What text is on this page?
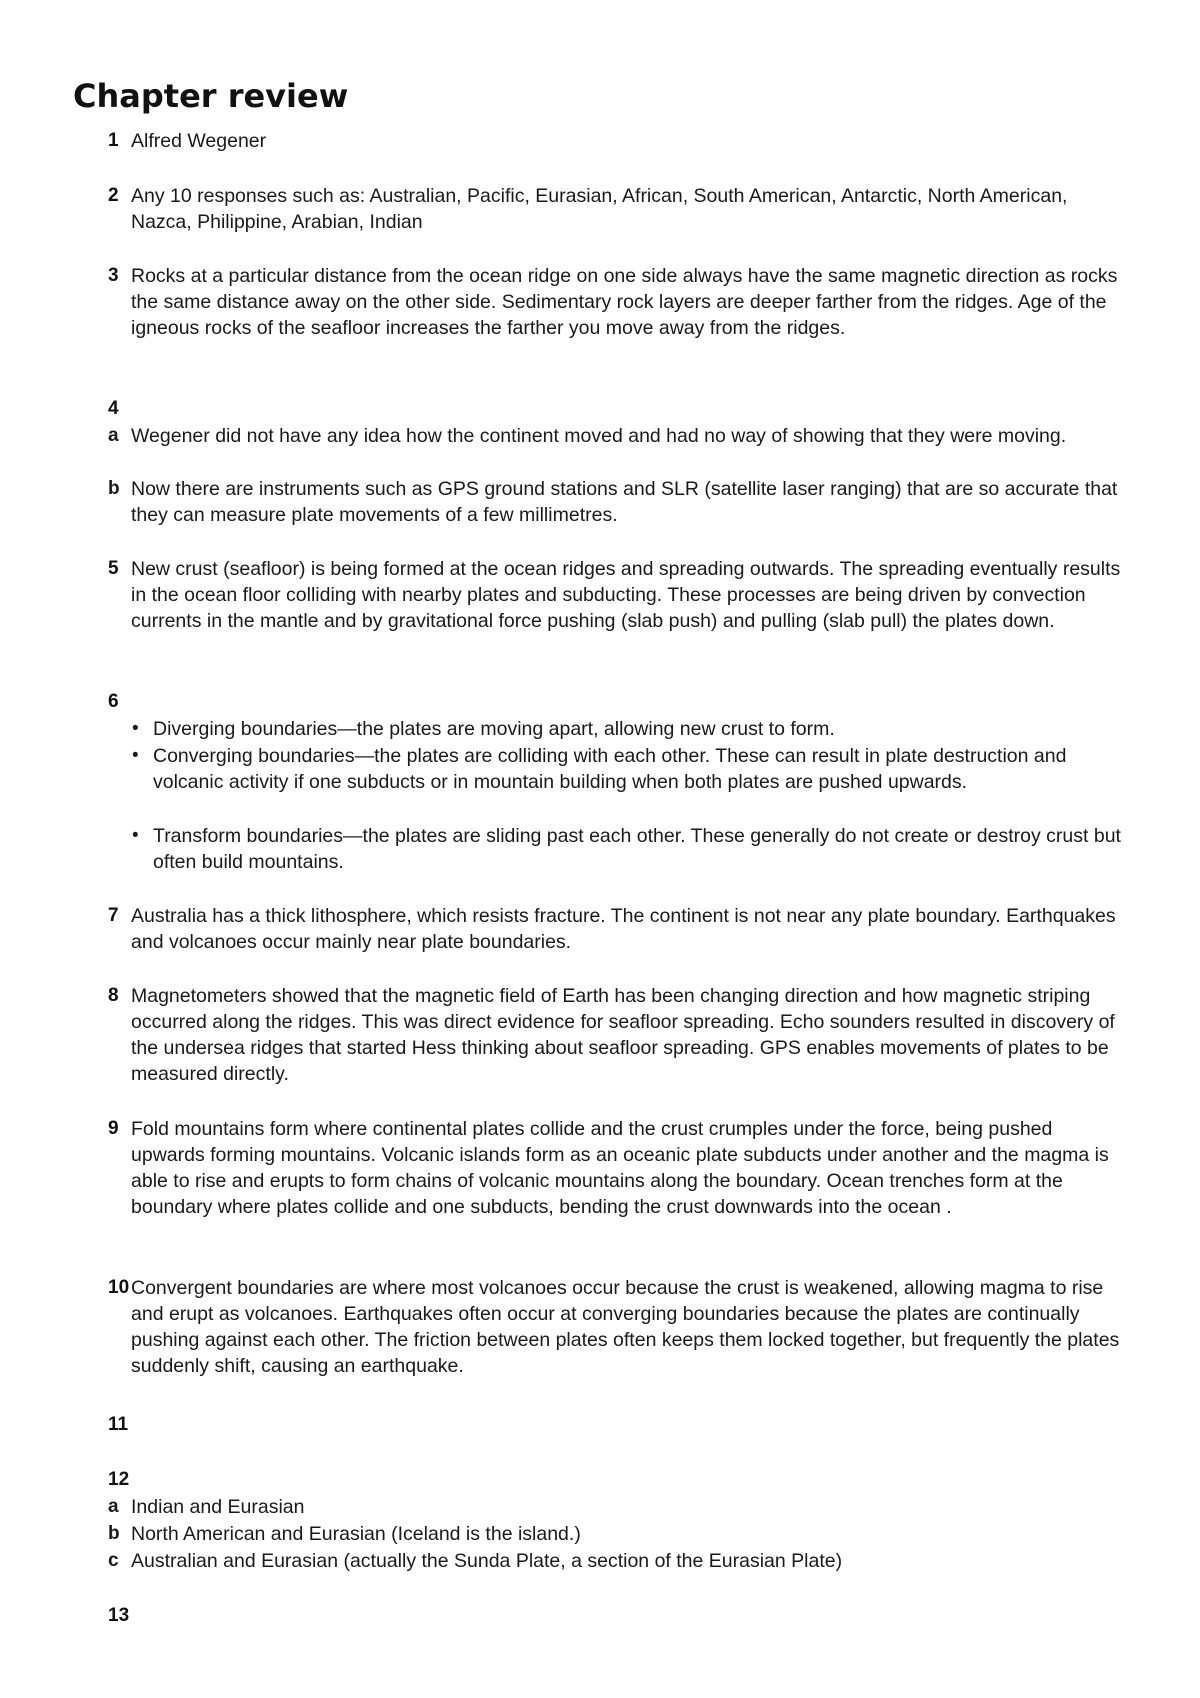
Chapter review
1 Alfred Wegener

2 Any 10 responses such as: Australian, Pacific, Eurasian, African, South American, Antarctic, North American, Nazca, Philippine, Arabian, Indian

3 Rocks at a particular distance from the ocean ridge on one side always have the same magnetic direction as rocks the same distance away on the other side. Sedimentary rock layers are deeper farther from the ridges. Age of the igneous rocks of the seafloor increases the farther you move away from the ridges.

4
a Wegener did not have any idea how the continent moved and had no way of showing that they were moving.

b Now there are instruments such as GPS ground stations and SLR (satellite laser ranging) that are so accurate that they can measure plate movements of a few millimetres.

5 New crust (seafloor) is being formed at the ocean ridges and spreading outwards. The spreading eventually results in the ocean floor colliding with nearby plates and subducting. These processes are being driven by convection currents in the mantle and by gravitational force pushing (slab push) and pulling (slab pull) the plates down.

6
• Diverging boundaries—the plates are moving apart, allowing new crust to form.

• Converging boundaries—the plates are colliding with each other. These can result in plate destruction and volcanic activity if one subducts or in mountain building when both plates are pushed upwards.

• Transform boundaries—the plates are sliding past each other. These generally do not create or destroy crust but often build mountains.

7 Australia has a thick lithosphere, which resists fracture. The continent is not near any plate boundary. Earthquakes and volcanoes occur mainly near plate boundaries.

8 Magnetometers showed that the magnetic field of Earth has been changing direction and how magnetic striping occurred along the ridges. This was direct evidence for seafloor spreading. Echo sounders resulted in discovery of the undersea ridges that started Hess thinking about seafloor spreading. GPS enables movements of plates to be measured directly.

9 Fold mountains form where continental plates collide and the crust crumples under the force, being pushed upwards forming mountains. Volcanic islands form as an oceanic plate subducts under another and the magma is able to rise and erupts to form chains of volcanic mountains along the boundary. Ocean trenches form at the boundary where plates collide and one subducts, bending the crust downwards into the ocean .

10 Convergent boundaries are where most volcanoes occur because the crust is weakened, allowing magma to rise and erupt as volcanoes. Earthquakes often occur at converging boundaries because the plates are continually pushing against each other. The friction between plates often keeps them locked together, but frequently the plates suddenly shift, causing an earthquake.

11
12
a Indian and Eurasian

b North American and Eurasian (Iceland is the island.)

c Australian and Eurasian (actually the Sunda Plate, a section of the Eurasian Plate)

13
